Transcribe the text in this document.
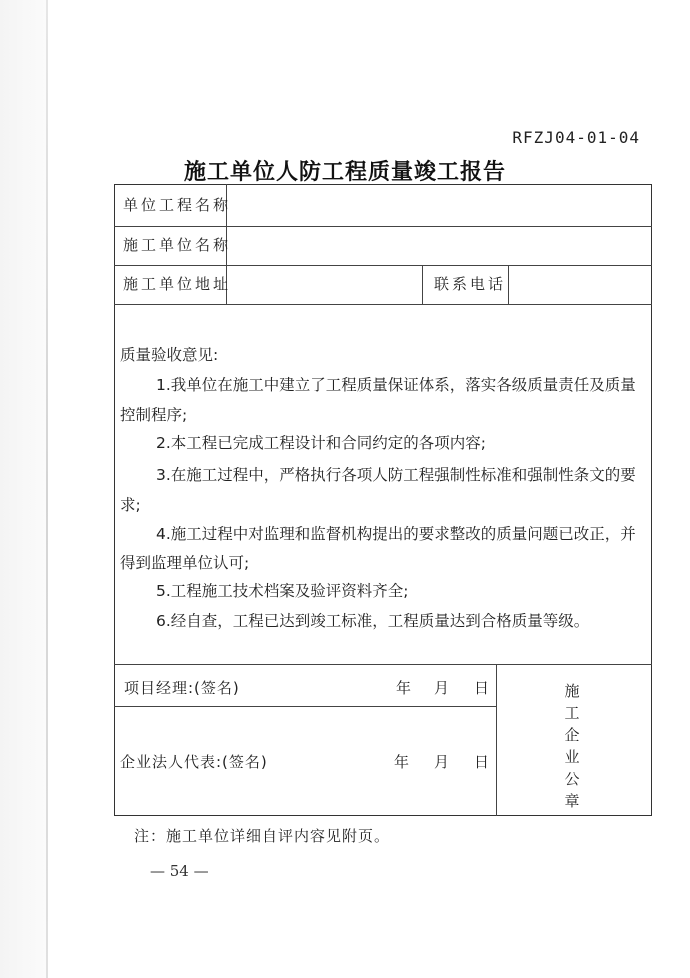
RFZJ04-01-04
施工单位人防工程质量竣工报告
单位工程名称
施工单位名称
施工单位地址	联系电话
质量验收意见:
1.我单位在施工中建立了工程质量保证体系，落实各级质量责任及质量
控制程序;
2.本工程已完成工程设计和合同约定的各项内容;
3.在施工过程中，严格执行各项人防工程强制性标准和强制性条文的要
求;
4.施工过程中对监理和监督机构提出的要求整改的质量问题已改正，并
得到监理单位认可;
5.工程施工技术档案及验评资料齐全;
6.经自查，工程已达到竣工标准，工程质量达到合格质量等级。
项目经理:(签名)	年 月 日
企业法人代表:(签名)	年 月 日
施
工
企
业
公
章
注：施工单位详细自评内容见附页。
— 54 —
